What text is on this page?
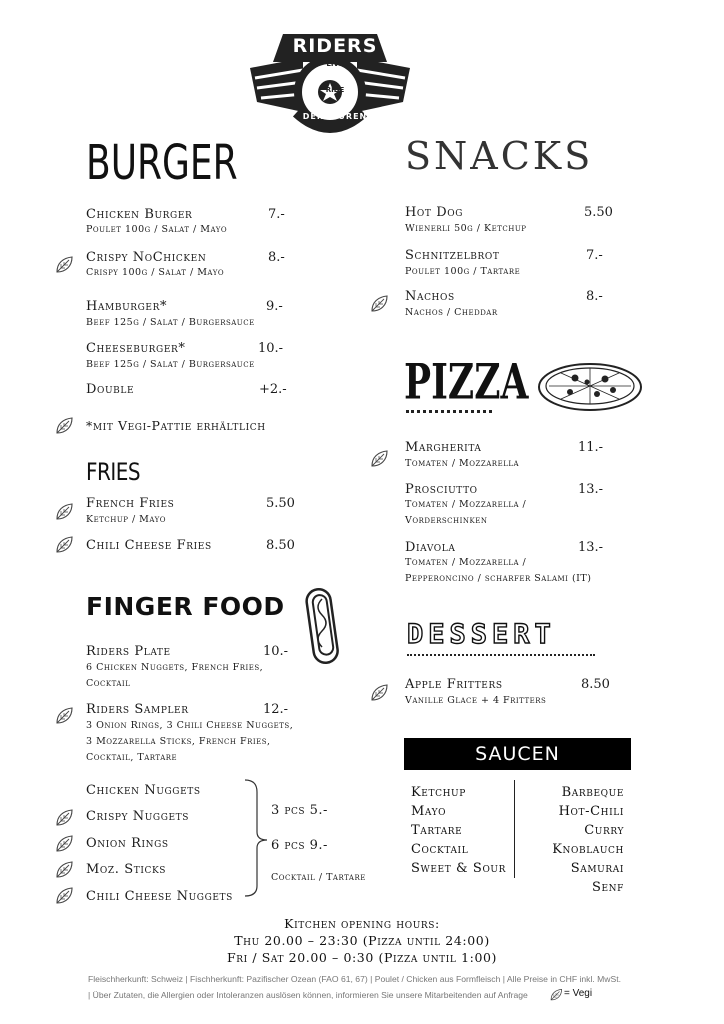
RIDERS
LIVE
RIDE
DENSBÜREN
BURGER
Chicken Burger	7.-
Poulet 100g / Salat / Mayo
Crispy NoChicken	8.-
Crispy 100g / Salat / Mayo
Hamburger*	9.-
Beef 125g / Salat / Burgersauce
Cheeseburger*	10.-
Beef 125g / Salat / Burgersauce
Double	+2.-
*mit Vegi-Pattie erhältlich
FRIES
French Fries	5.50
Ketchup / Mayo
Chili Cheese Fries	8.50
FINGER FOOD
Riders Plate	10.-
6 Chicken Nuggets, French Fries,
Cocktail
Riders Sampler	12.-
3 Onion Rings, 3 Chili Cheese Nuggets,
3 Mozzarella Sticks, French Fries,
Cocktail, Tartare
Chicken Nuggets
Crispy Nuggets
Onion Rings
Moz. Sticks
Chili Cheese Nuggets
3 pcs 5.-
6 pcs 9.-
Cocktail / Tartare
SNACKS
Hot Dog	5.50
Wienerli 50g / Ketchup
Schnitzelbrot	7.-
Poulet 100g / Tartare
Nachos	8.-
Nachos / Cheddar
PIZZA
Margherita	11.-
Tomaten / Mozzarella
Prosciutto	13.-
Tomaten / Mozzarella /
Vorderschinken
Diavola	13.-
Tomaten / Mozzarella /
Pepperoncino / scharfer Salami (IT)
DESSERT
Apple Fritters	8.50
Vanille Glace + 4 Fritters
SAUCEN
Ketchup
Mayo
Tartare
Cocktail
Sweet & Sour
Barbeque
Hot-Chili
Curry
Knoblauch
Samurai
Senf
Kitchen opening hours:
Thu 20.00 – 23:30 (Pizza until 24:00)
Fri / Sat 20.00 – 0:30 (Pizza until 1:00)
Fleischherkunft: Schweiz | Fischherkunft: Pazifischer Ozean (FAO 61, 67) | Poulet / Chicken aus Formfleisch | Alle Preise in CHF inkl. MwSt.
| Über Zutaten, die Allergien oder Intoleranzen auslösen können, informieren Sie unsere Mitarbeitenden auf Anfrage	= Vegi
